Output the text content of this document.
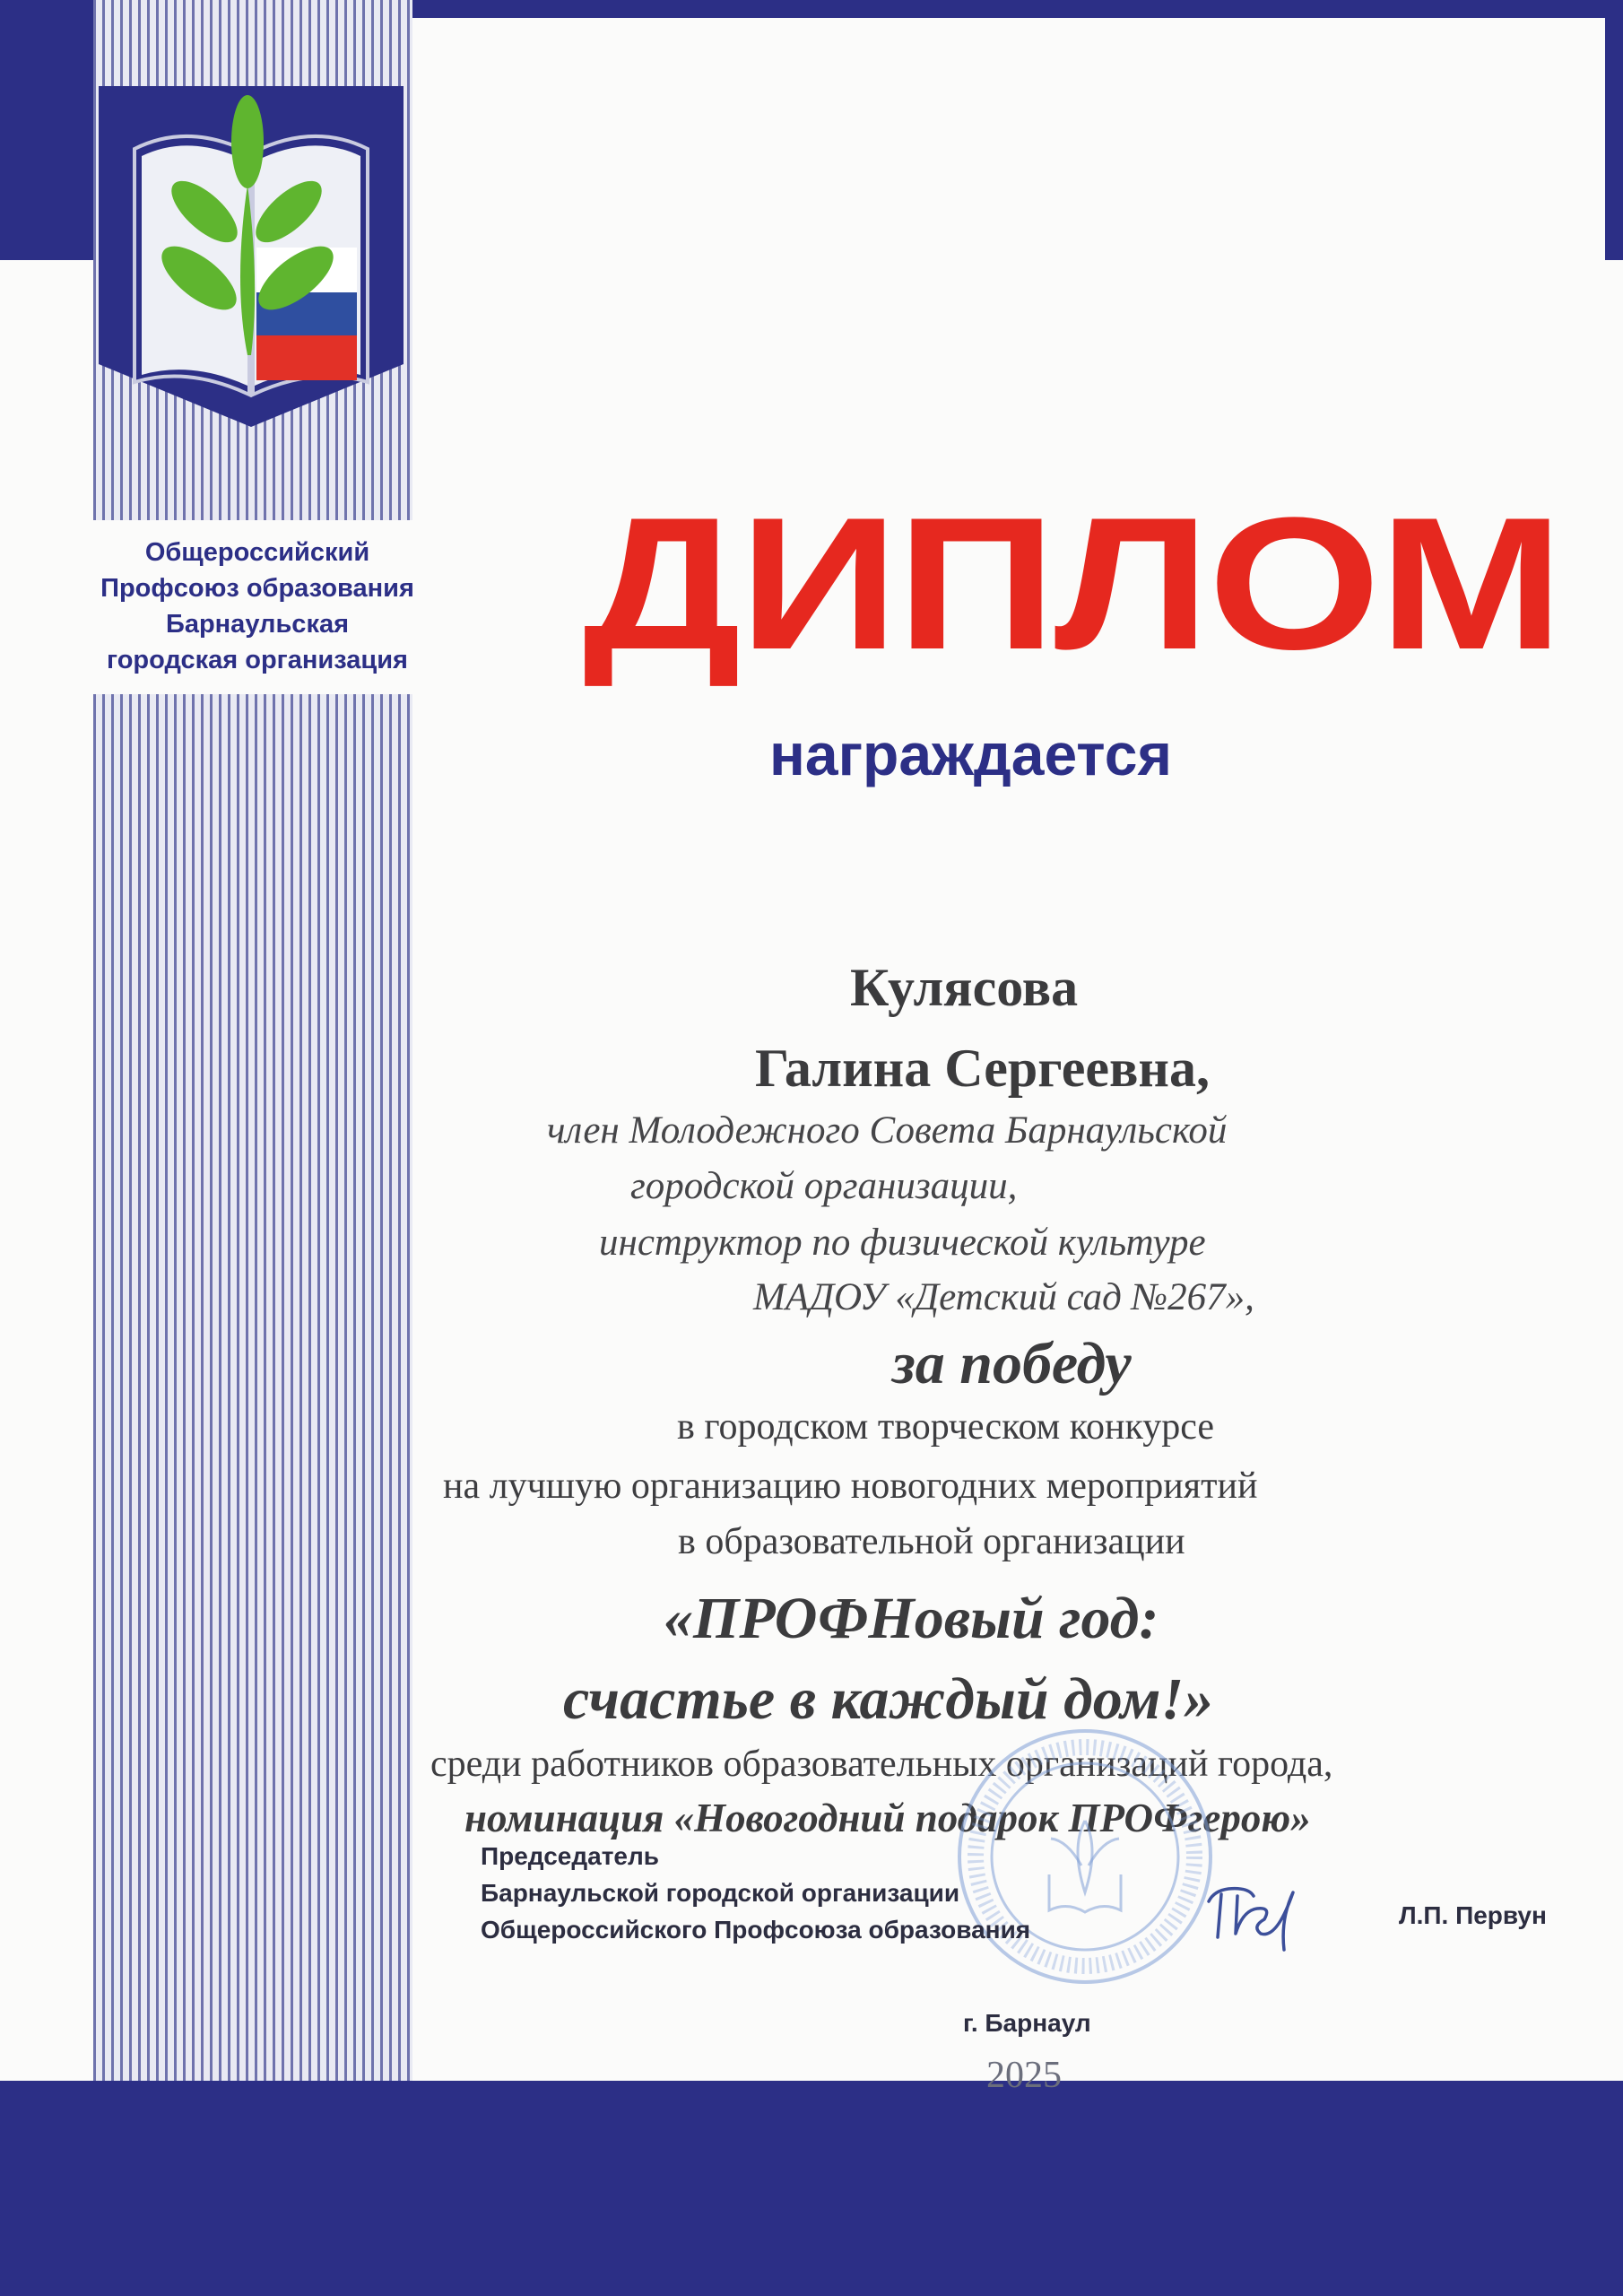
Общероссийский
Профсоюз образования
Барнаульская
городская организация ДИПЛОМ
награждается
Кулясова
Галина Сергеевна,
член Молодежного Совета Барнаульской
городской организации,
инструктор по физической культуре
МАДОУ «Детский сад №267»,
за победу
в городском творческом конкурсе
на лучшую организацию новогодних мероприятий
в образовательной организации
«ПРОФНовый год:
счастье в каждый дом!»
среди работников образовательных организаций города,
номинация «Новогодний подарок ПРОФгерою»
Председатель
Барнаульской городской организации
Общероссийского Профсоюза образования
Л.П. Первун
г. Барнаул
2025
